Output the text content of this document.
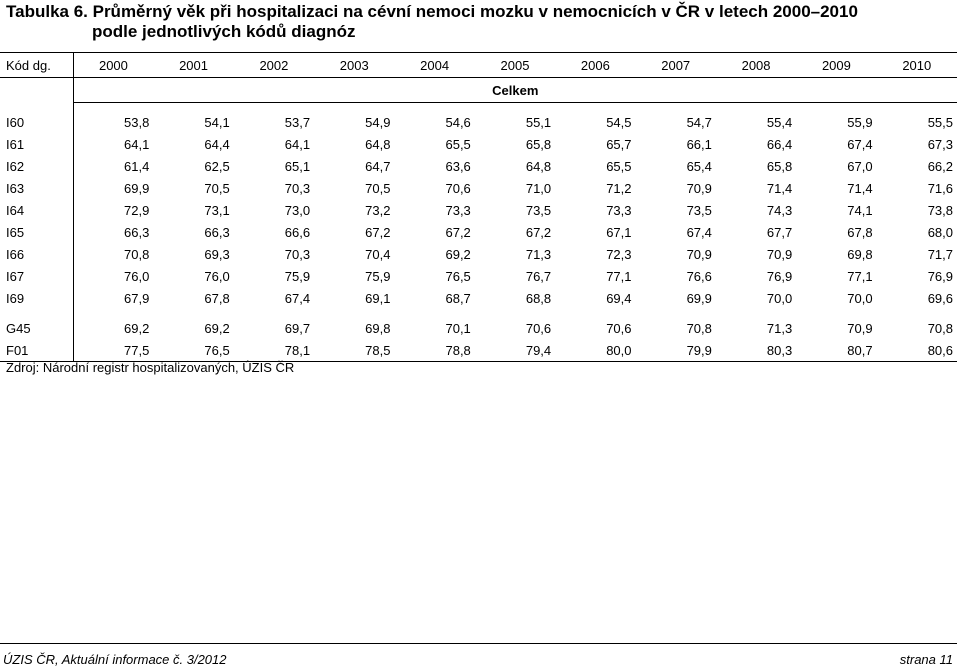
Tabulka 6. Průměrný věk při hospitalizaci na cévní nemoci mozku v nemocnicích v ČR v letech 2000–2010
podle jednotlivých kódů diagnóz
Kód dg.	2000	2001	2002	2003	2004	2005	2006	2007	2008	2009	2010
	Celkem										

I60	53,8	54,1	53,7	54,9	54,6	55,1	54,5	54,7	55,4	55,9	55,5
I61	64,1	64,4	64,1	64,8	65,5	65,8	65,7	66,1	66,4	67,4	67,3
I62	61,4	62,5	65,1	64,7	63,6	64,8	65,5	65,4	65,8	67,0	66,2
I63	69,9	70,5	70,3	70,5	70,6	71,0	71,2	70,9	71,4	71,4	71,6
I64	72,9	73,1	73,0	73,2	73,3	73,5	73,3	73,5	74,3	74,1	73,8
I65	66,3	66,3	66,6	67,2	67,2	67,2	67,1	67,4	67,7	67,8	68,0
I66	70,8	69,3	70,3	70,4	69,2	71,3	72,3	70,9	70,9	69,8	71,7
I67	76,0	76,0	75,9	75,9	76,5	76,7	77,1	76,6	76,9	77,1	76,9
I69	67,9	67,8	67,4	69,1	68,7	68,8	69,4	69,9	70,0	70,0	69,6

G45	69,2	69,2	69,7	69,8	70,1	70,6	70,6	70,8	71,3	70,9	70,8
F01	77,5	76,5	78,1	78,5	78,8	79,4	80,0	79,9	80,3	80,7	80,6
Zdroj: Národní registr hospitalizovaných, ÚZIS ČR
ÚZIS ČR, Aktuální informace č. 3/2012	strana 11
